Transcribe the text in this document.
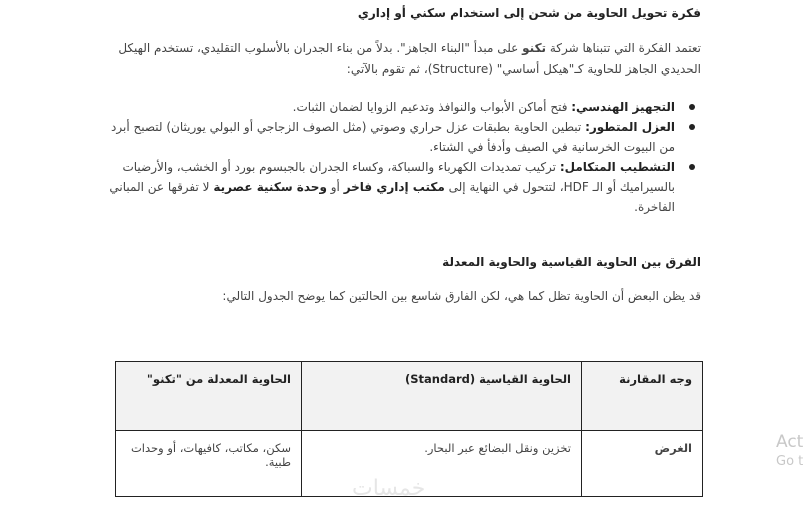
فكرة تحويل الحاوية من شحن إلى استخدام سكني أو إداري
تعتمد الفكرة التي تتبناها شركة تكنو على مبدأ "البناء الجاهز". بدلاً من بناء الجدران بالأسلوب التقليدي، تستخدم الهيكل الحديدي الجاهز للحاوية كـ"هيكل أساسي" (Structure)، ثم تقوم بالآتي:
التجهيز الهندسي: فتح أماكن الأبواب والنوافذ وتدعيم الزوايا لضمان الثبات.
العزل المتطور: تبطين الحاوية بطبقات عزل حراري وصوتي (مثل الصوف الزجاجي أو البولي يوريثان) لتصبح أبرد من البيوت الخرسانية في الصيف وأدفأ في الشتاء.
التشطيب المتكامل: تركيب تمديدات الكهرباء والسباكة، وكساء الجدران بالجبسوم بورد أو الخشب، والأرضيات بالسيراميك أو الـ HDF، لتتحول في النهاية إلى مكتب إداري فاخر أو وحدة سكنية عصرية لا تفرقها عن المباني الفاخرة.
الفرق بين الحاوية القياسية والحاوية المعدلة
قد يظن البعض أن الحاوية تظل كما هي، لكن الفارق شاسع بين الحالتين كما يوضح الجدول التالي:
وجه المقارنة	الحاوية القياسية (Standard)	الحاوية المعدلة من "تكنو"
الغرض	تخزين ونقل البضائع عبر البحار.	سكن، مكاتب، كافيهات، أو وحدات طبية.
خمسات
Act
Go t
